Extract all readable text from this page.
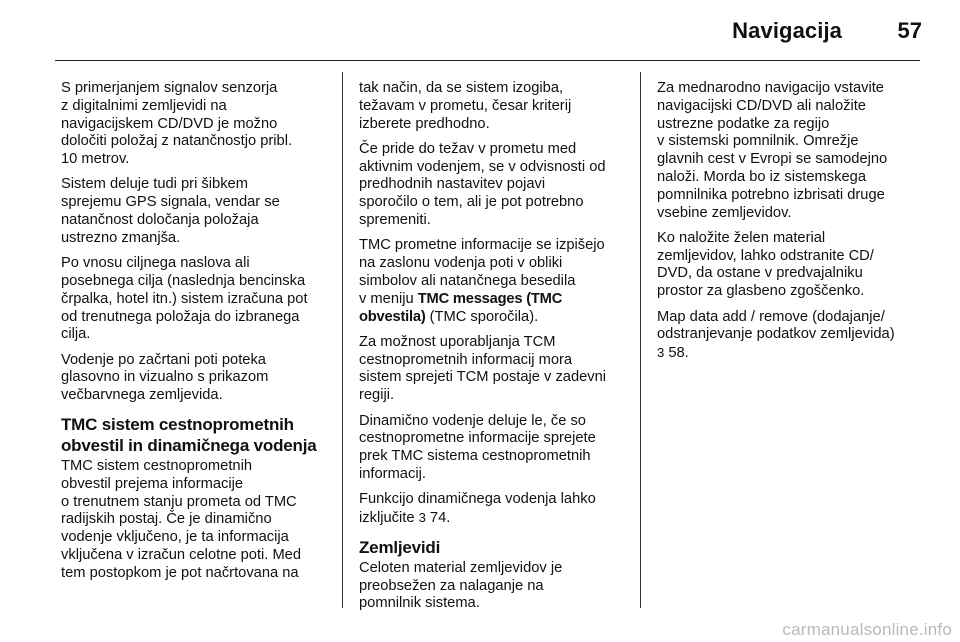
Navigacija	57
S primerjanjem signalov senzorja
z digitalnimi zemljevidi na
navigacijskem CD/DVD je možno
določiti položaj z natančnostjo pribl.
10 metrov.
Sistem deluje tudi pri šibkem
sprejemu GPS signala, vendar se
natančnost določanja položaja
ustrezno zmanjša.
Po vnosu ciljnega naslova ali
posebnega cilja (naslednja bencinska
črpalka, hotel itn.) sistem izračuna pot
od trenutnega položaja do izbranega
cilja.
Vodenje po začrtani poti poteka
glasovno in vizualno s prikazom
večbarvnega zemljevida.
TMC sistem cestnoprometnih
obvestil in dinamičnega vodenja
TMC sistem cestnoprometnih
obvestil prejema informacije
o trenutnem stanju prometa od TMC
radijskih postaj. Če je dinamično
vodenje vključeno, je ta informacija
vključena v izračun celotne poti. Med
tem postopkom je pot načrtovana na
tak način, da se sistem izogiba,
težavam v prometu, česar kriterij
izberete predhodno.
Če pride do težav v prometu med
aktivnim vodenjem, se v odvisnosti od
predhodnih nastavitev pojavi
sporočilo o tem, ali je pot potrebno
spremeniti.
TMC prometne informacije se izpišejo
na zaslonu vodenja poti v obliki
simbolov ali natančnega besedila
v meniju TMC messages (TMC
obvestila) (TMC sporočila).
Za možnost uporabljanja TCM
cestnoprometnih informacij mora
sistem sprejeti TCM postaje v zadevni
regiji.
Dinamično vodenje deluje le, če so
cestnoprometne informacije sprejete
prek TMC sistema cestnoprometnih
informacij.
Funkcijo dinamičnega vodenja lahko
izključite 3 74.
Zemljevidi
Celoten material zemljevidov je
preobsežen za nalaganje na
pomnilnik sistema.
Za mednarodno navigacijo vstavite
navigacijski CD/DVD ali naložite
ustrezne podatke za regijo
v sistemski pomnilnik. Omrežje
glavnih cest v Evropi se samodejno
naloži. Morda bo iz sistemskega
pomnilnika potrebno izbrisati druge
vsebine zemljevidov.
Ko naložite želen material
zemljevidov, lahko odstranite CD/
DVD, da ostane v predvajalniku
prostor za glasbeno zgoščenko.
Map data add / remove (dodajanje/
odstranjevanje podatkov zemljevida)
3 58.
carmanualsonline.info
